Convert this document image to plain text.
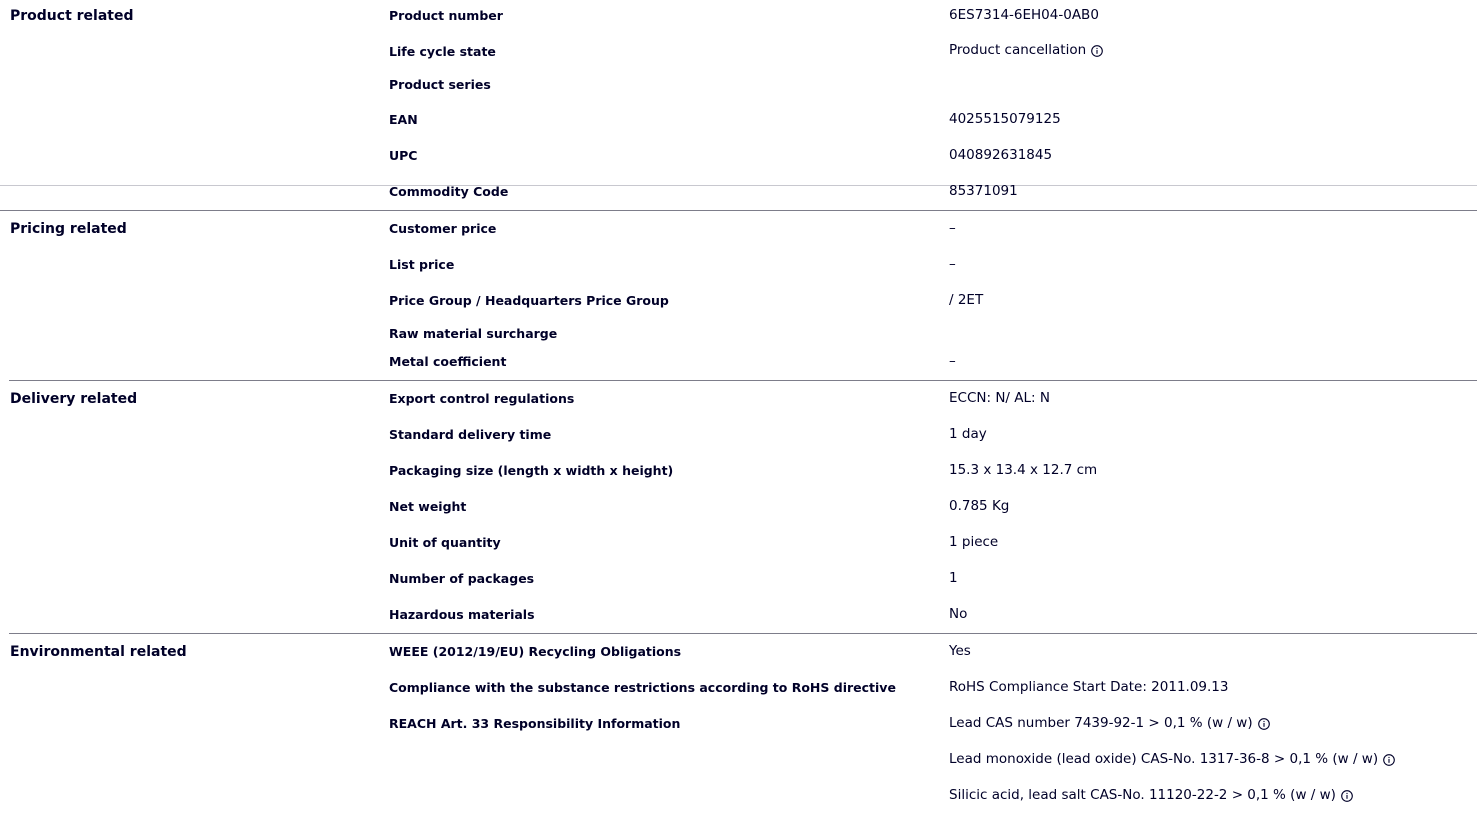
Product related	Product number	6ES7314-6EH04-0AB0
Life cycle state	Product cancellation
Product series
EAN	4025515079125
UPC	040892631845
Commodity Code	85371091
Pricing related	Customer price	–
List price	–
Price Group / Headquarters Price Group	/ 2ET
Raw material surcharge
Metal coefficient	–
Delivery related	Export control regulations	ECCN: N/ AL: N
Standard delivery time	1 day
Packaging size (length x width x height)	15.3 x 13.4 x 12.7 cm
Net weight	0.785 Kg
Unit of quantity	1 piece
Number of packages	1
Hazardous materials	No
Environmental related	WEEE (2012/19/EU) Recycling Obligations	Yes
Compliance with the substance restrictions according to RoHS directive	RoHS Compliance Start Date: 2011.09.13
REACH Art. 33 Responsibility Information	Lead CAS number 7439-92-1 > 0,1 % (w / w)
Lead monoxide (lead oxide) CAS-No. 1317-36-8 > 0,1 % (w / w)
Silicic acid, lead salt CAS-No. 11120-22-2 > 0,1 % (w / w)
